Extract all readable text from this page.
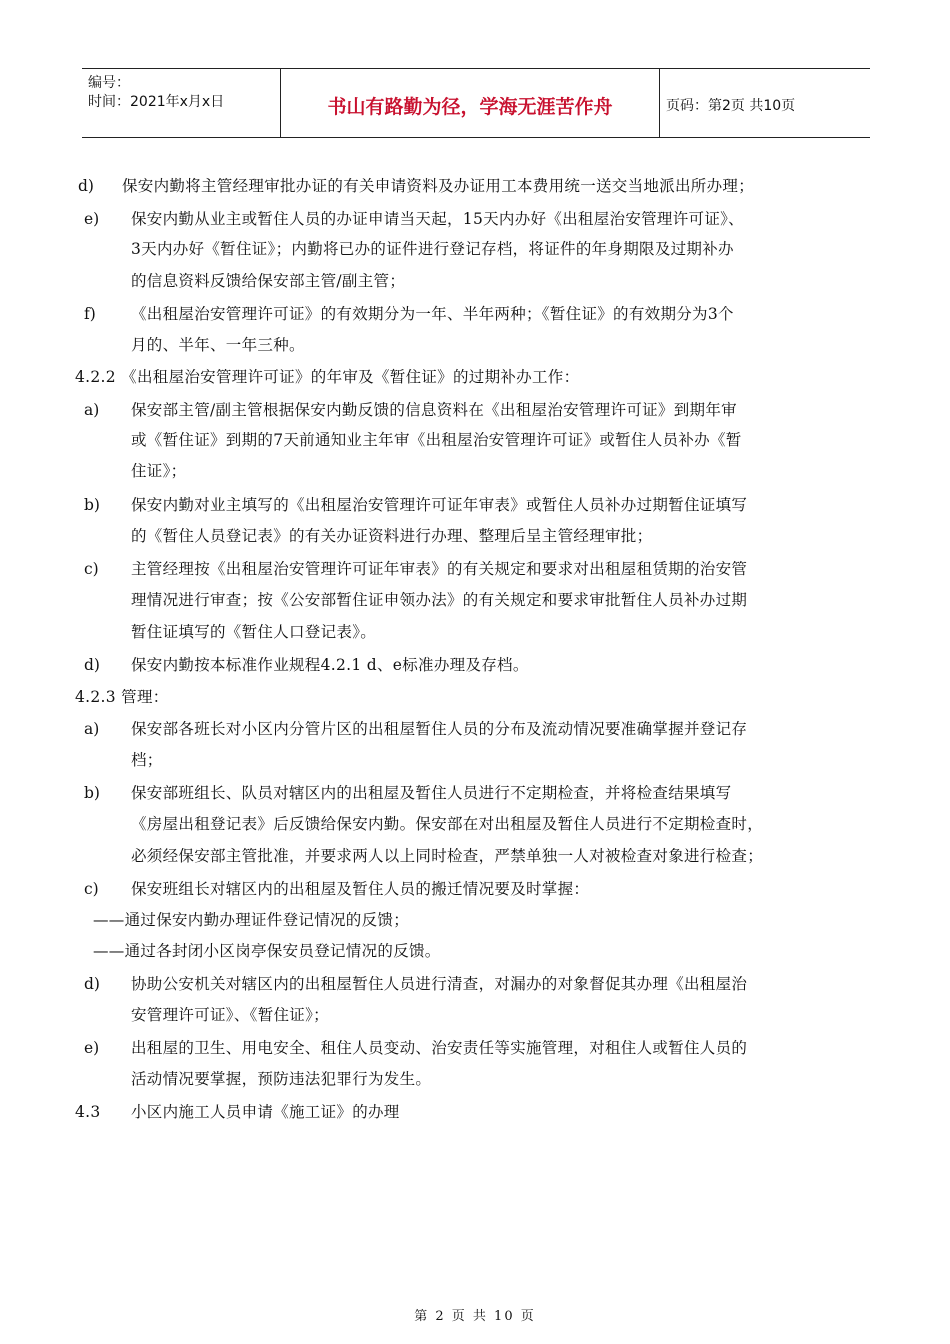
编号：
时间：2021年x月x日	书山有路勤为径，学海无涯苦作舟	页码：第2页 共10页

d) 保安内勤将主管经理审批办证的有关申请资料及办证用工本费用统一送交当地派出所办理；

e) 保安内勤从业主或暂住人员的办证申请当天起，15天内办好《出租屋治安管理许可证》、

3天内办好《暂住证》；内勤将已办的证件进行登记存档，将证件的年身期限及过期补办

的信息资料反馈给保安部主管/副主管；

f) 《出租屋治安管理许可证》的有效期分为一年、半年两种；《暂住证》的有效期分为3个

月的、半年、一年三种。

4.2.2 《出租屋治安管理许可证》的年审及《暂住证》的过期补办工作：

a) 保安部主管/副主管根据保安内勤反馈的信息资料在《出租屋治安管理许可证》到期年审

或《暂住证》到期的7天前通知业主年审《出租屋治安管理许可证》或暂住人员补办《暂

住证》；

b) 保安内勤对业主填写的《出租屋治安管理许可证年审表》或暂住人员补办过期暂住证填写

的《暂住人员登记表》的有关办证资料进行办理、整理后呈主管经理审批；

c) 主管经理按《出租屋治安管理许可证年审表》的有关规定和要求对出租屋租赁期的治安管

理情况进行审查；按《公安部暂住证申领办法》的有关规定和要求审批暂住人员补办过期

暂住证填写的《暂住人口登记表》。

d) 保安内勤按本标准作业规程4.2.1 d、e标准办理及存档。

4.2.3 管理：

a) 保安部各班长对小区内分管片区的出租屋暂住人员的分布及流动情况要准确掌握并登记存

档；

b) 保安部班组长、队员对辖区内的出租屋及暂住人员进行不定期检查，并将检查结果填写

《房屋出租登记表》后反馈给保安内勤。保安部在对出租屋及暂住人员进行不定期检查时，

必须经保安部主管批准，并要求两人以上同时检查，严禁单独一人对被检查对象进行检查；

c) 保安班组长对辖区内的出租屋及暂住人员的搬迁情况要及时掌握：

——通过保安内勤办理证件登记情况的反馈；

——通过各封闭小区岗亭保安员登记情况的反馈。

d) 协助公安机关对辖区内的出租屋暂住人员进行清查，对漏办的对象督促其办理《出租屋治

安管理许可证》、《暂住证》；

e) 出租屋的卫生、用电安全、租住人员变动、治安责任等实施管理，对租住人或暂住人员的

活动情况要掌握，预防违法犯罪行为发生。

4.3 小区内施工人员申请《施工证》的办理

第 2 页 共 10 页
